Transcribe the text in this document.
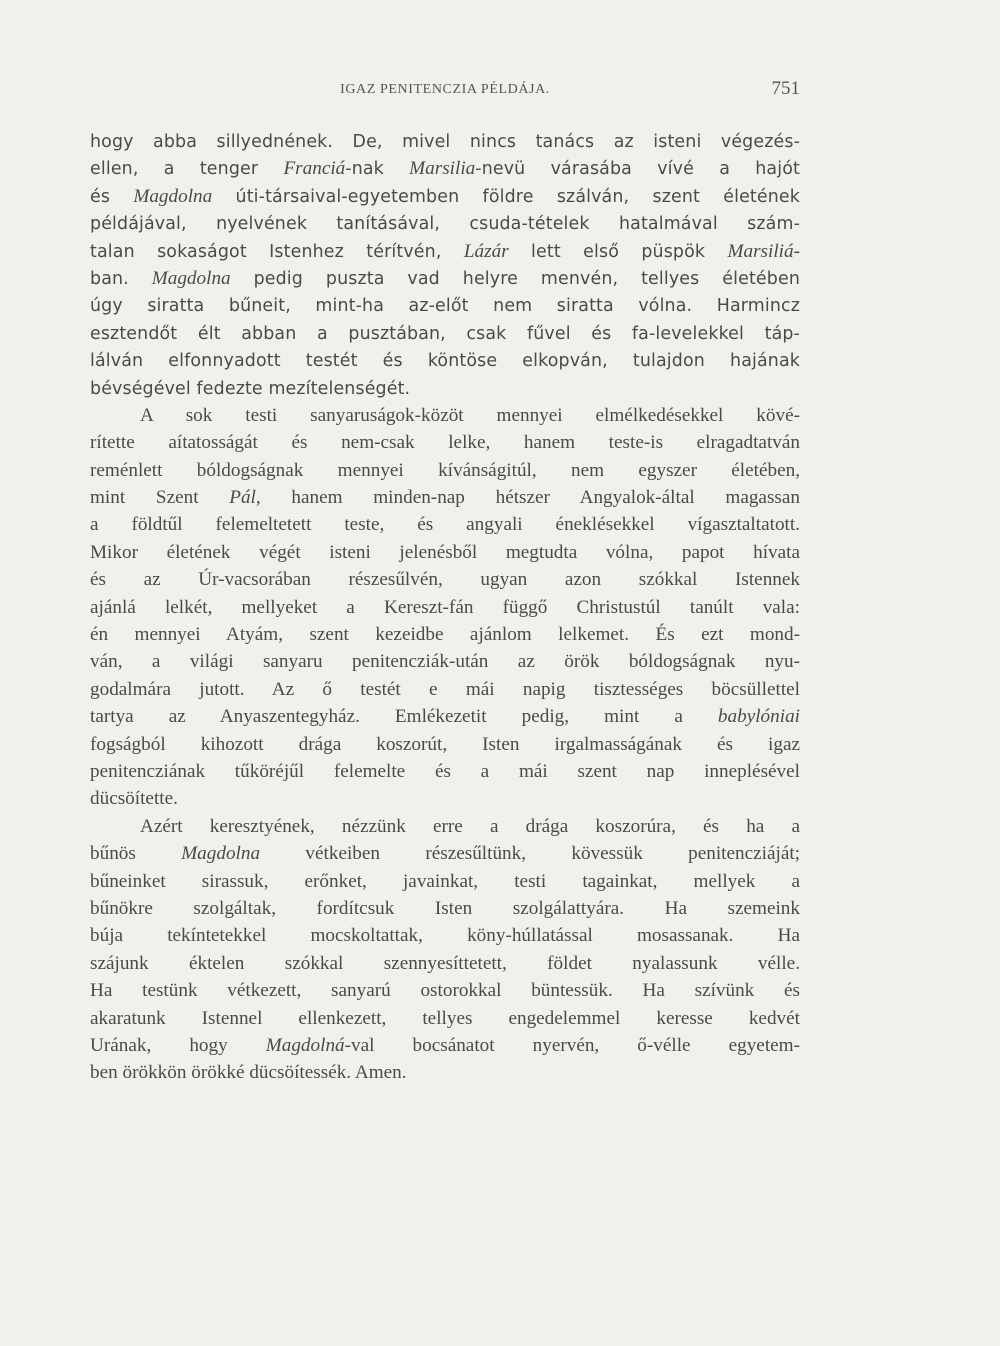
IGAZ PENITENCZIA PÉLDÁJA.	751
hogy abba sillyednének. De, mivel nincs tanács az isteni végezés-
ellen, a tenger Franciá-nak Marsilia-nevü várasába vívé a hajót
és Magdolna úti-társaival-egyetemben földre szálván, szent életének
példájával, nyelvének tanításával, csuda-tételek hatalmával szám-
talan sokaságot Istenhez térítvén, Lázár lett első püspök Marsiliá-
ban. Magdolna pedig puszta vad helyre menvén, tellyes életében
úgy siratta bűneit, mint-ha az-előt nem siratta vólna. Harmincz
esztendőt élt abban a pusztában, csak fűvel és fa-levelekkel táp-
lálván elfonnyadott testét és köntöse elkopván, tulajdon hajának
bévségével fedezte mezítelenségét.
A sok testi sanyaruságok-közöt mennyei elmélkedésekkel kövé-
rítette aítatosságát és nem-csak lelke, hanem teste-is elragadtatván
reménlett bóldogságnak mennyei kívánságitúl, nem egyszer életében,
mint Szent Pál, hanem minden-nap hétszer Angyalok-által magassan
a földtűl felemeltetett teste, és angyali éneklésekkel vígasztaltatott.
Mikor életének végét isteni jelenésből megtudta vólna, papot hívata
és az Úr-vacsorában részesűlvén, ugyan azon szókkal Istennek
ajánlá lelkét, mellyeket a Kereszt-fán függő Christustúl tanúlt vala:
én mennyei Atyám, szent kezeidbe ajánlom lelkemet. És ezt mond-
ván, a világi sanyaru penitencziák-után az örök bóldogságnak nyu-
godalmára jutott. Az ő testét e mái napig tisztességes böcsüllettel
tartya az Anyaszentegyház. Emlékezetit pedig, mint a babylóniai
fogságból kihozott drága koszorút, Isten irgalmasságának és igaz
penitencziának tűköréjűl felemelte és a mái szent nap inneplésével
dücsöítette.
Azért keresztyének, nézzünk erre a drága koszorúra, és ha a
bűnös Magdolna vétkeiben részesűltünk, kövessük penitencziáját;
bűneinket sirassuk, erőnket, javainkat, testi tagainkat, mellyek a
bűnökre szolgáltak, fordítcsuk Isten szolgálattyára. Ha szemeink
búja tekíntetekkel mocskoltattak, köny-húllatással mosassanak. Ha
szájunk éktelen szókkal szennyesíttetett, földet nyalassunk vélle.
Ha testünk vétkezett, sanyarú ostorokkal büntessük. Ha szívünk és
akaratunk Istennel ellenkezett, tellyes engedelemmel keresse kedvét
Urának, hogy Magdolná-val bocsánatot nyervén, ő-vélle egyetem-
ben örökkön örökké dücsöítessék. Amen.
